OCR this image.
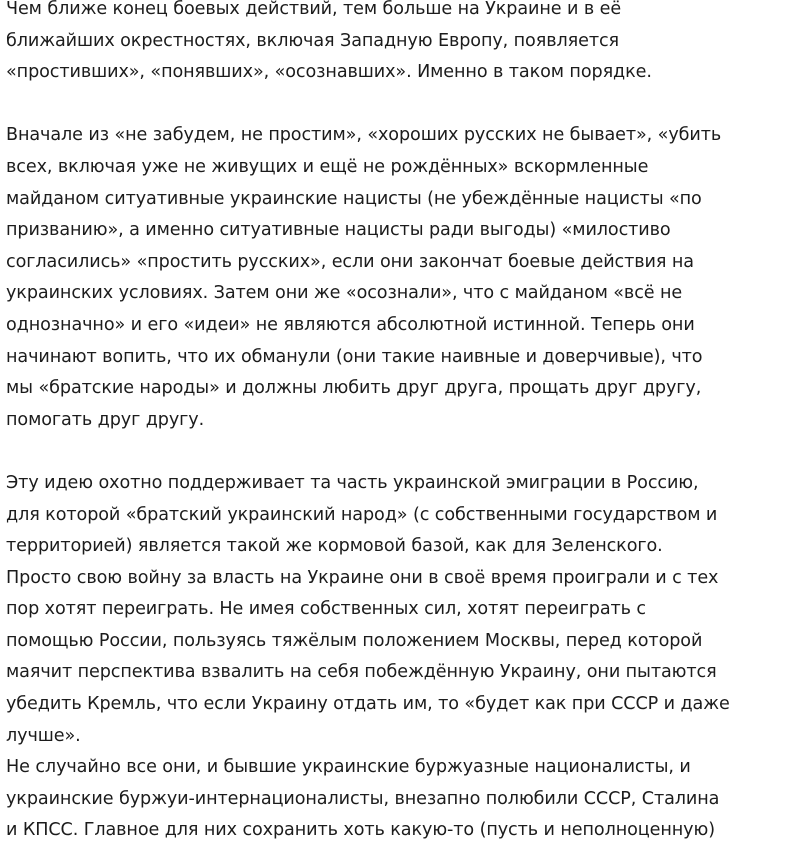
Чем ближе конец боевых действий, тем больше на Украине и в её
ближайших окрестностях, включая Западную Европу, появляется
«простивших», «понявших», «осознавших». Именно в таком порядке.
Вначале из «не забудем, не простим», «хороших русских не бывает», «убить
всех, включая уже не живущих и ещё не рождённых» вскормленные
майданом ситуативные украинские нацисты (не убеждённые нацисты «по
призванию», а именно ситуативные нацисты ради выгоды) «милостиво
согласились» «простить русских», если они закончат боевые действия на
украинских условиях. Затем они же «осознали», что с майданом «всё не
однозначно» и его «идеи» не являются абсолютной истинной. Теперь они
начинают вопить, что их обманули (они такие наивные и доверчивые), что
мы «братские народы» и должны любить друг друга, прощать друг другу,
помогать друг другу.
Эту идею охотно поддерживает та часть украинской эмиграции в Россию,
для которой «братский украинский народ» (с собственными государством и
территорией) является такой же кормовой базой, как для Зеленского.
Просто свою войну за власть на Украине они в своё время проиграли и с тех
пор хотят переиграть. Не имея собственных сил, хотят переиграть с
помощью России, пользуясь тяжёлым положением Москвы, перед которой
маячит перспектива взвалить на себя побеждённую Украину, они пытаются
убедить Кремль, что если Украину отдать им, то «будет как при СССР и даже
лучше».
Не случайно все они, и бывшие украинские буржуазные националисты, и
украинские буржуи-интернационалисты, внезапно полюбили СССР, Сталина
и КПСС. Главное для них сохранить хоть какую-то (пусть и неполноценную)
